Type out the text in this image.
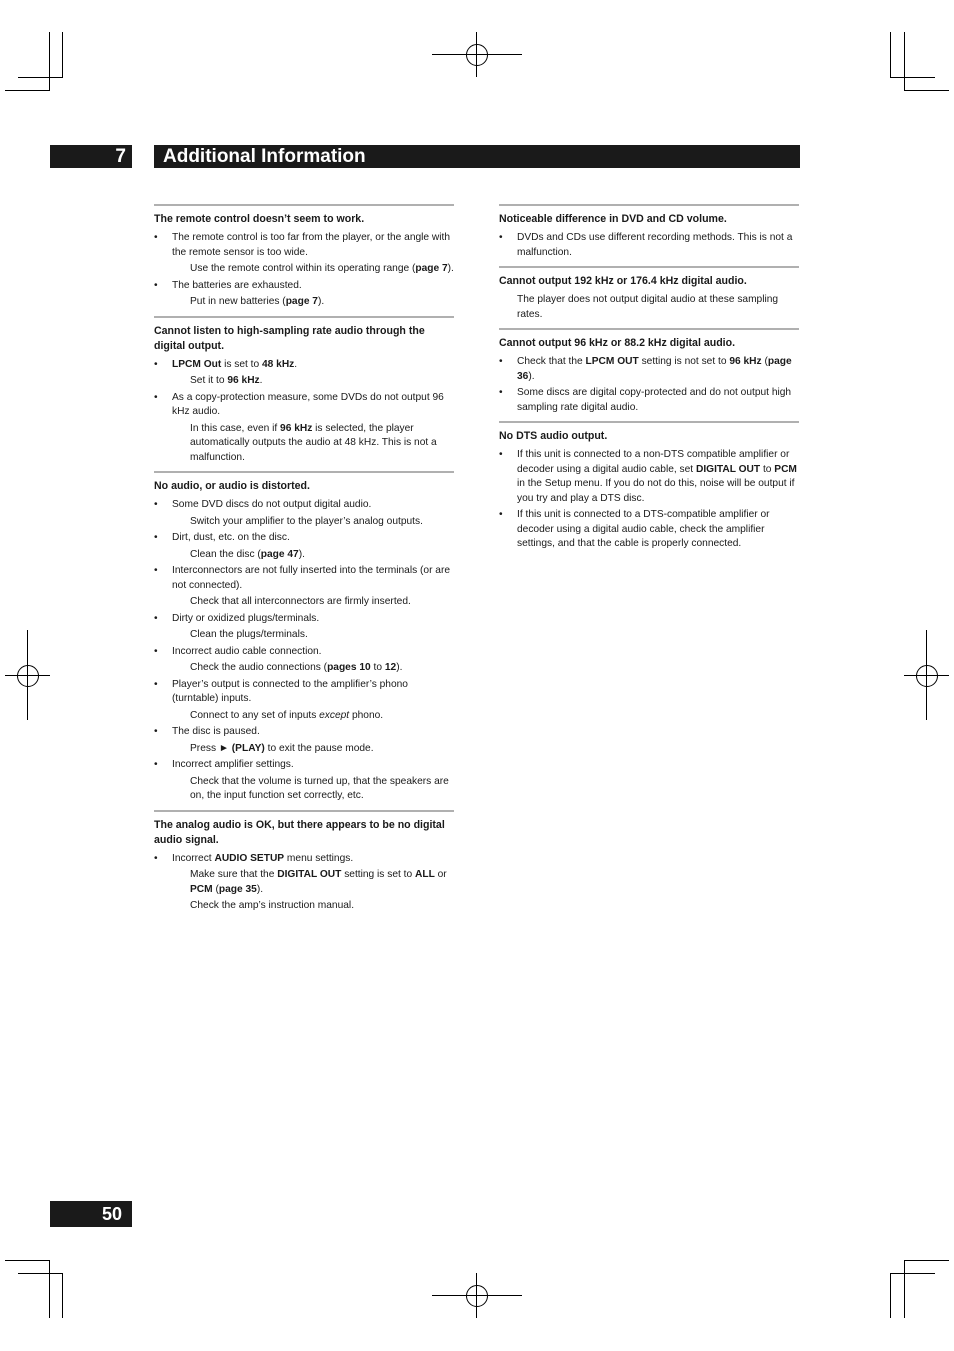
7	Additional Information
The remote control doesn’t seem to work.
• The remote control is too far from the player, or the angle with the remote sensor is too wide.
Use the remote control within its operating range (page 7).
• The batteries are exhausted.
Put in new batteries (page 7).
Cannot listen to high-sampling rate audio through the digital output.
• LPCM Out is set to 48 kHz.
Set it to 96 kHz.
• As a copy-protection measure, some DVDs do not output 96 kHz audio.
In this case, even if 96 kHz is selected, the player automatically outputs the audio at 48 kHz. This is not a malfunction.
No audio, or audio is distorted.
• Some DVD discs do not output digital audio.
Switch your amplifier to the player’s analog outputs.
• Dirt, dust, etc. on the disc.
Clean the disc (page 47).
• Interconnectors are not fully inserted into the terminals (or are not connected).
Check that all interconnectors are firmly inserted.
• Dirty or oxidized plugs/terminals.
Clean the plugs/terminals.
• Incorrect audio cable connection.
Check the audio connections (pages 10 to 12).
• Player’s output is connected to the amplifier’s phono (turntable) inputs.
Connect to any set of inputs except phono.
• The disc is paused.
Press ► (PLAY) to exit the pause mode.
• Incorrect amplifier settings.
Check that the volume is turned up, that the speakers are on, the input function set correctly, etc.
The analog audio is OK, but there appears to be no digital audio signal.
• Incorrect AUDIO SETUP menu settings.
Make sure that the DIGITAL OUT setting is set to ALL or PCM (page 35).
Check the amp’s instruction manual.
Noticeable difference in DVD and CD volume.
• DVDs and CDs use different recording methods. This is not a malfunction.
Cannot output 192 kHz or 176.4 kHz digital audio.
The player does not output digital audio at these sampling rates.
Cannot output 96 kHz or 88.2 kHz digital audio.
• Check that the LPCM OUT setting is not set to 96 kHz (page 36).
• Some discs are digital copy-protected and do not output high sampling rate digital audio.
No DTS audio output.
• If this unit is connected to a non-DTS compatible amplifier or decoder using a digital audio cable, set DIGITAL OUT to PCM in the Setup menu. If you do not do this, noise will be output if you try and play a DTS disc.
• If this unit is connected to a DTS-compatible amplifier or decoder using a digital audio cable, check the amplifier settings, and that the cable is properly connected.
50
